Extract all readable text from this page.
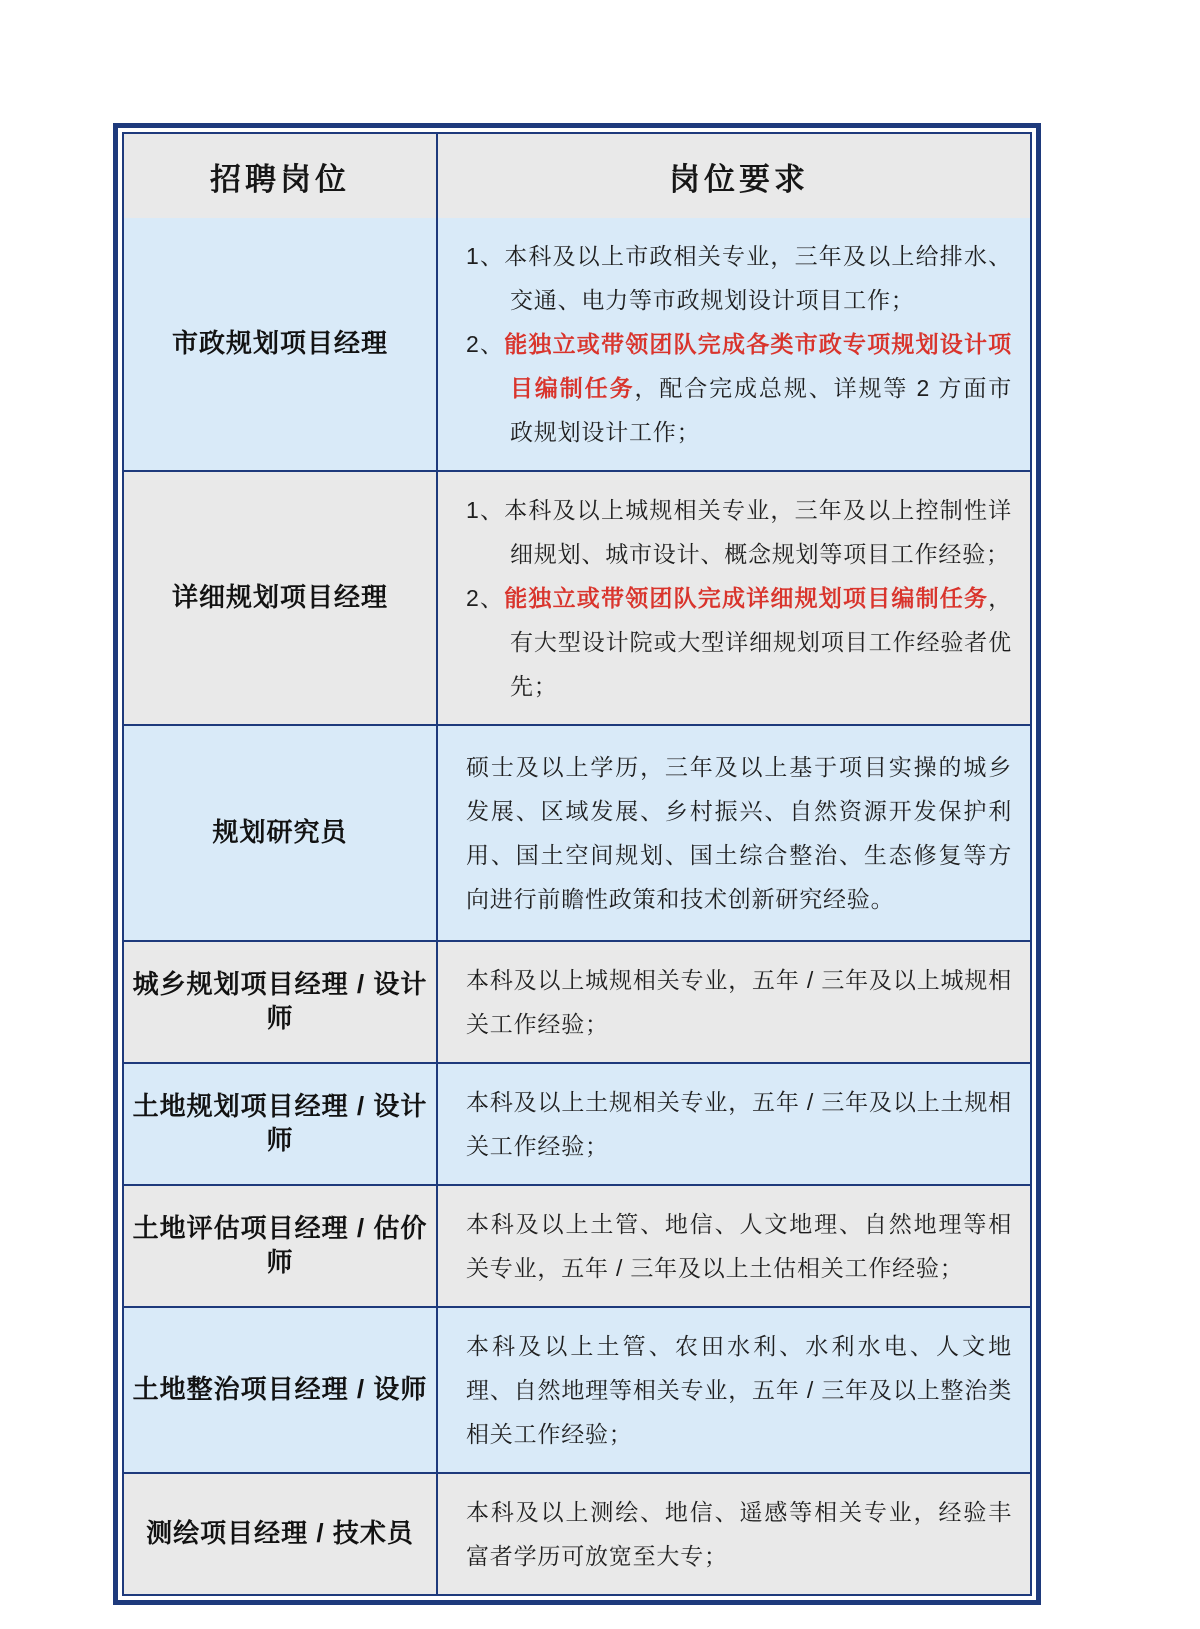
招聘岗位	岗位要求
市政规划项目经理
1、本科及以上市政相关专业，三年及以上给排水、交通、电力等市政规划设计项目工作；
2、能独立或带领团队完成各类市政专项规划设计项目编制任务，配合完成总规、详规等 2 方面市政规划设计工作；
详细规划项目经理
1、本科及以上城规相关专业，三年及以上控制性详细规划、城市设计、概念规划等项目工作经验；
2、能独立或带领团队完成详细规划项目编制任务，有大型设计院或大型详细规划项目工作经验者优先；
规划研究员
硕士及以上学历，三年及以上基于项目实操的城乡发展、区域发展、乡村振兴、自然资源开发保护利用、国土空间规划、国土综合整治、生态修复等方向进行前瞻性政策和技术创新研究经验。
城乡规划项目经理 / 设计师
本科及以上城规相关专业，五年 / 三年及以上城规相关工作经验；
土地规划项目经理 / 设计师
本科及以上土规相关专业，五年 / 三年及以上土规相关工作经验；
土地评估项目经理 / 估价师
本科及以上土管、地信、人文地理、自然地理等相关专业，五年 / 三年及以上土估相关工作经验；
土地整治项目经理 / 设师
本科及以上土管、农田水利、水利水电、人文地理、自然地理等相关专业，五年 / 三年及以上整治类相关工作经验；
测绘项目经理 / 技术员
本科及以上测绘、地信、遥感等相关专业，经验丰富者学历可放宽至大专；
